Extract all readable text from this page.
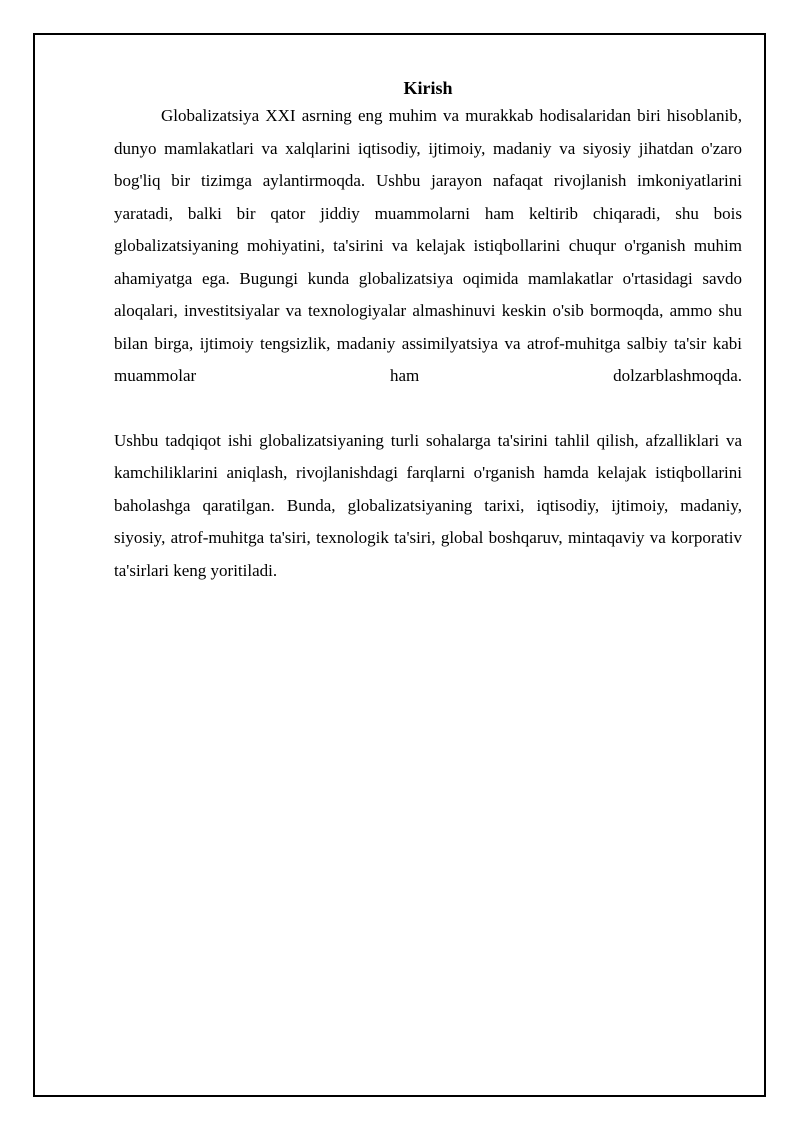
Kirish

Globalizatsiya XXI asrning eng muhim va murakkab hodisalaridan biri hisoblanib, dunyo mamlakatlari va xalqlarini iqtisodiy, ijtimoiy, madaniy va siyosiy jihatdan o'zaro bog'liq bir tizimga aylantirmoqda. Ushbu jarayon nafaqat rivojlanish imkoniyatlarini yaratadi, balki bir qator jiddiy muammolarni ham keltirib chiqaradi, shu bois globalizatsiyaning mohiyatini, ta'sirini va kelajak istiqbollarini chuqur o'rganish muhim ahamiyatga ega. Bugungi kunda globalizatsiya oqimida mamlakatlar o'rtasidagi savdo aloqalari, investitsiyalar va texnologiyalar almashinuvi keskin o'sib bormoqda, ammo shu bilan birga, ijtimoiy tengsizlik, madaniy assimilyatsiya va atrof-muhitga salbiy ta'sir kabi muammolar ham dolzarblashmoqda.

Ushbu tadqiqot ishi globalizatsiyaning turli sohalarga ta'sirini tahlil qilish, afzalliklari va kamchiliklarini aniqlash, rivojlanishdagi farqlarni o'rganish hamda kelajak istiqbollarini baholashga qaratilgan. Bunda, globalizatsiyaning tarixi, iqtisodiy, ijtimoiy, madaniy, siyosiy, atrof-muhitga ta'siri, texnologik ta'siri, global boshqaruv, mintaqaviy va korporativ ta'sirlari keng yoritiladi.
